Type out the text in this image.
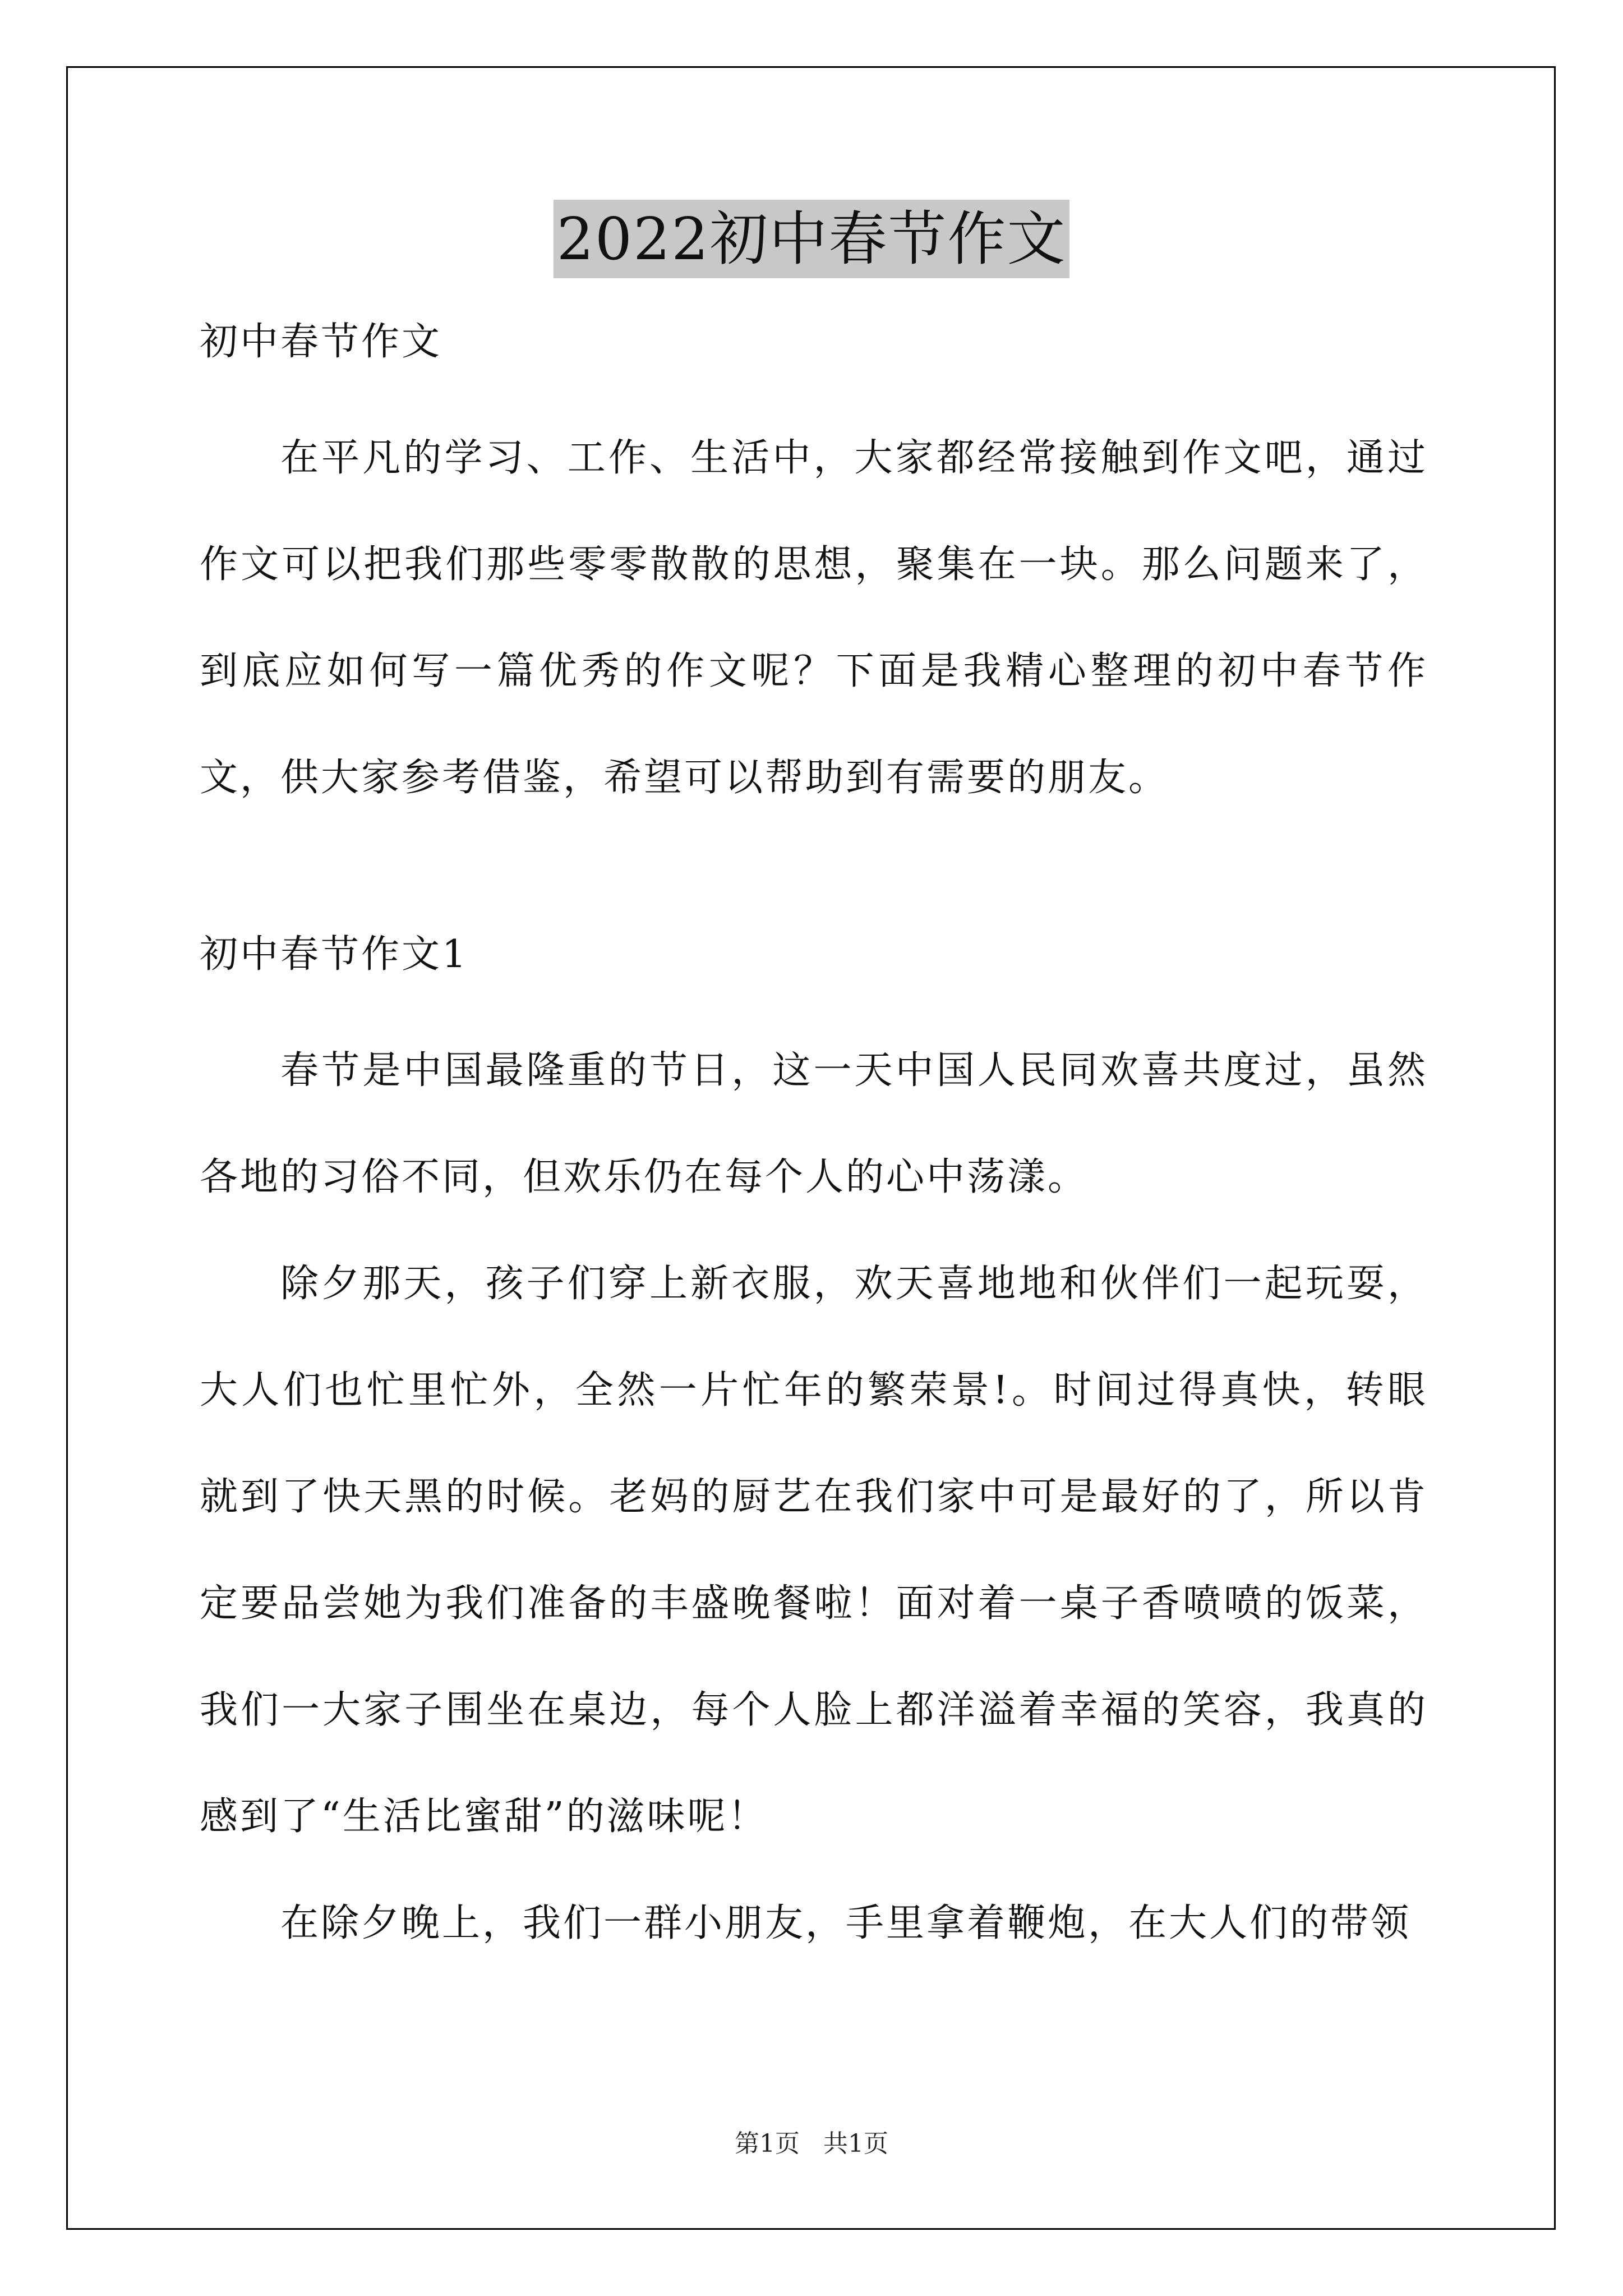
2022初中春节作文

初中春节作文

在平凡的学习、工作、生活中，大家都经常接触到作文吧，通过作文可以把我们那些零零散散的思想，聚集在一块。那么问题来了，到底应如何写一篇优秀的作文呢？下面是我精心整理的初中春节作文，供大家参考借鉴，希望可以帮助到有需要的朋友。

初中春节作文1

春节是中国最隆重的节日，这一天中国人民同欢喜共度过，虽然各地的习俗不同，但欢乐仍在每个人的心中荡漾。

除夕那天，孩子们穿上新衣服，欢天喜地地和伙伴们一起玩耍，大人们也忙里忙外，全然一片忙年的繁荣景!。时间过得真快，转眼就到了快天黑的时候。老妈的厨艺在我们家中可是最好的了，所以肯定要品尝她为我们准备的丰盛晚餐啦！面对着一桌子香喷喷的饭菜，我们一大家子围坐在桌边，每个人脸上都洋溢着幸福的笑容，我真的感到了“生活比蜜甜”的滋味呢！

在除夕晚上，我们一群小朋友，手里拿着鞭炮，在大人们的带领

第1页 共1页
